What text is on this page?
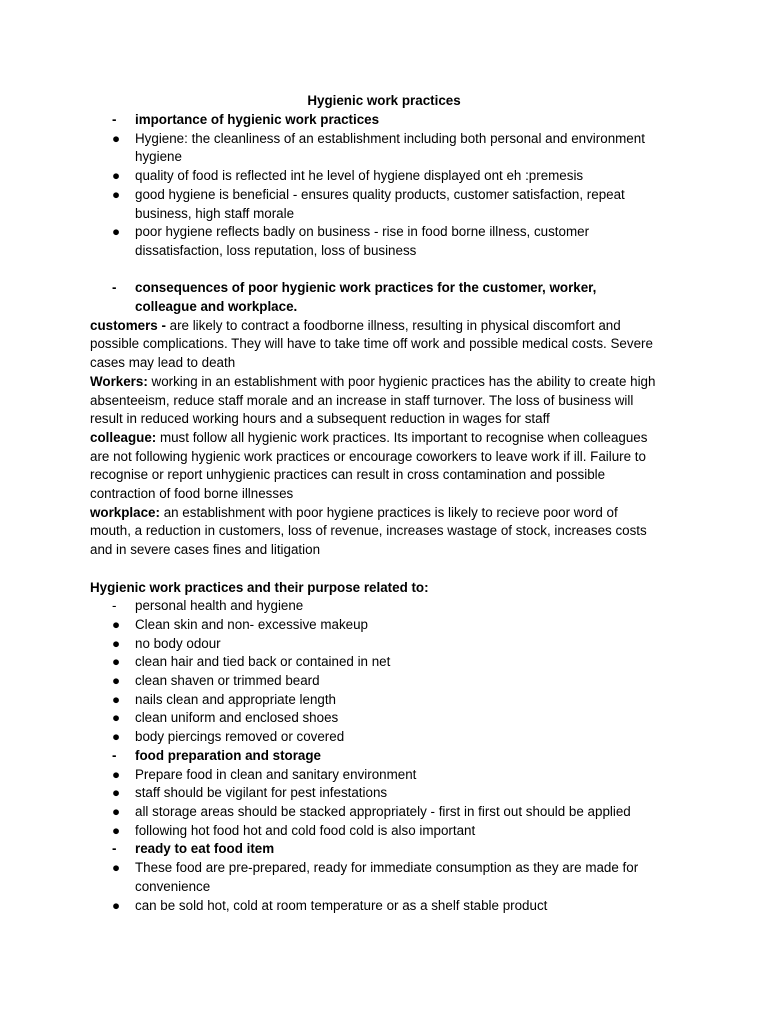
Hygienic work practices
-	importance of hygienic work practices
●	Hygiene: the cleanliness of an establishment including both personal and environment
hygiene
●	quality of food is reflected int he level of hygiene displayed ont eh :premesis
●	good hygiene is beneficial - ensures quality products, customer satisfaction, repeat
business, high staff morale
●	poor hygiene reflects badly on business - rise in food borne illness, customer
dissatisfaction, loss reputation, loss of business
-	consequences of poor hygienic work practices for the customer, worker,
colleague and workplace.
customers - are likely to contract a foodborne illness, resulting in physical discomfort and
possible complications. They will have to take time off work and possible medical costs. Severe
cases may lead to death
Workers: working in an establishment with poor hygienic practices has the ability to create high
absenteeism, reduce staff morale and an increase in staff turnover. The loss of business will
result in reduced working hours and a subsequent reduction in wages for staff
colleague: must follow all hygienic work practices. Its important to recognise when colleagues
are not following hygienic work practices or encourage coworkers to leave work if ill. Failure to
recognise or report unhygienic practices can result in cross contamination and possible
contraction of food borne illnesses
workplace: an establishment with poor hygiene practices is likely to recieve poor word of
mouth, a reduction in customers, loss of revenue, increases wastage of stock, increases costs
and in severe cases fines and litigation
Hygienic work practices and their purpose related to:
-	personal health and hygiene
●	Clean skin and non- excessive makeup
●	no body odour
●	clean hair and tied back or contained in net
●	clean shaven or trimmed beard
●	nails clean and appropriate length
●	clean uniform and enclosed shoes
●	body piercings removed or covered
-	food preparation and storage
●	Prepare food in clean and sanitary environment
●	staff should be vigilant for pest infestations
●	all storage areas should be stacked appropriately - first in first out should be applied
●	following hot food hot and cold food cold is also important
-	ready to eat food item
●	These food are pre-prepared, ready for immediate consumption as they are made for
convenience
●	can be sold hot, cold at room temperature or as a shelf stable product
